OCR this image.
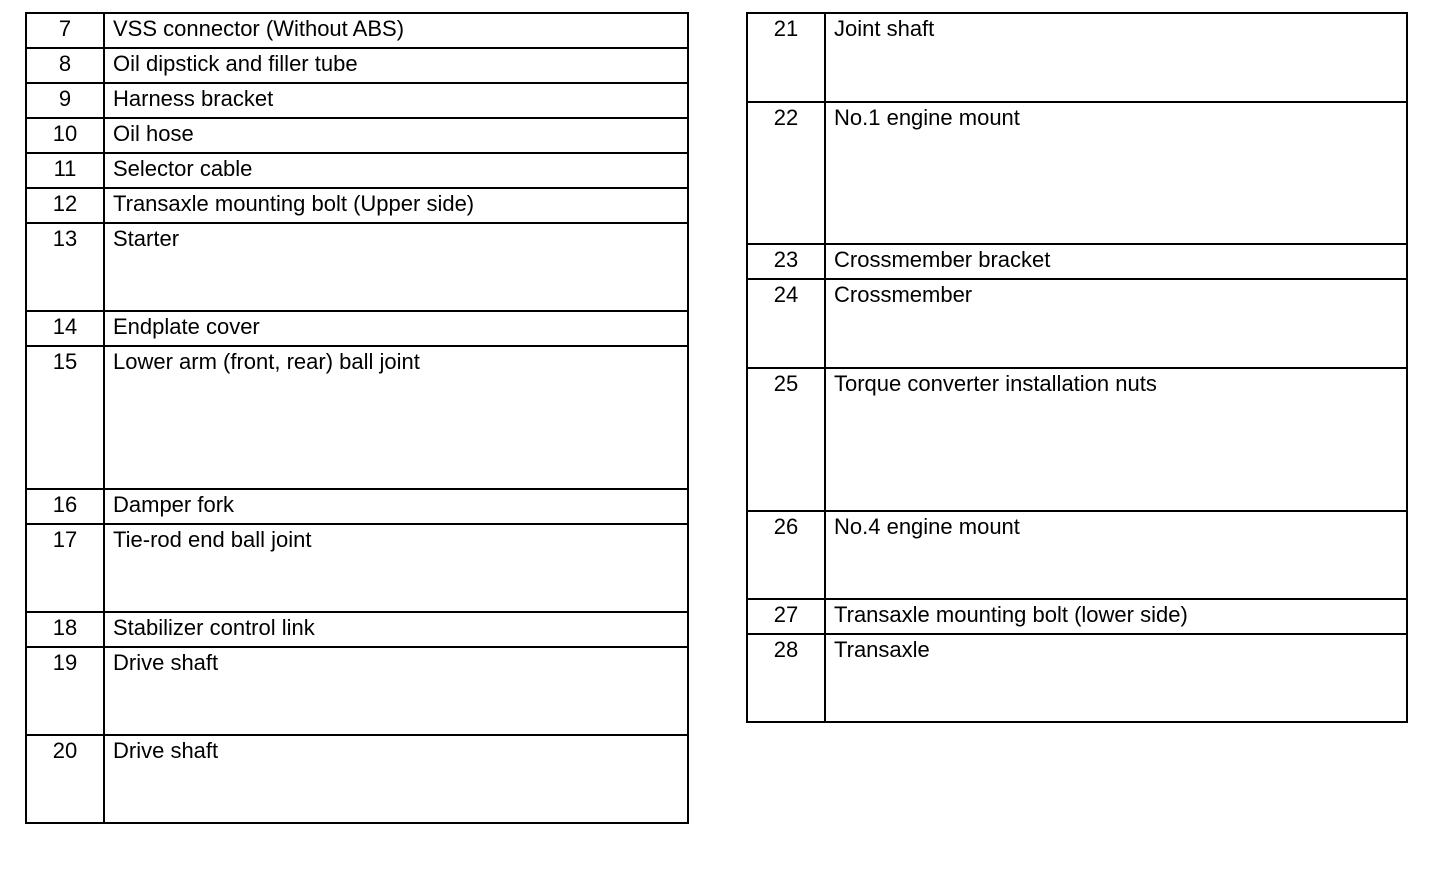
7	VSS connector (Without ABS)
8	Oil dipstick and filler tube
9	Harness bracket
10	Oil hose
11	Selector cable
12	Transaxle mounting bolt (Upper side)
13	Starter
14	Endplate cover
15	Lower arm (front, rear) ball joint
16	Damper fork
17	Tie-rod end ball joint
18	Stabilizer control link
19	Drive shaft
20	Drive shaft
21	Joint shaft
22	No.1 engine mount
23	Crossmember bracket
24	Crossmember
25	Torque converter installation nuts
26	No.4 engine mount
27	Transaxle mounting bolt (lower side)
28	Transaxle
